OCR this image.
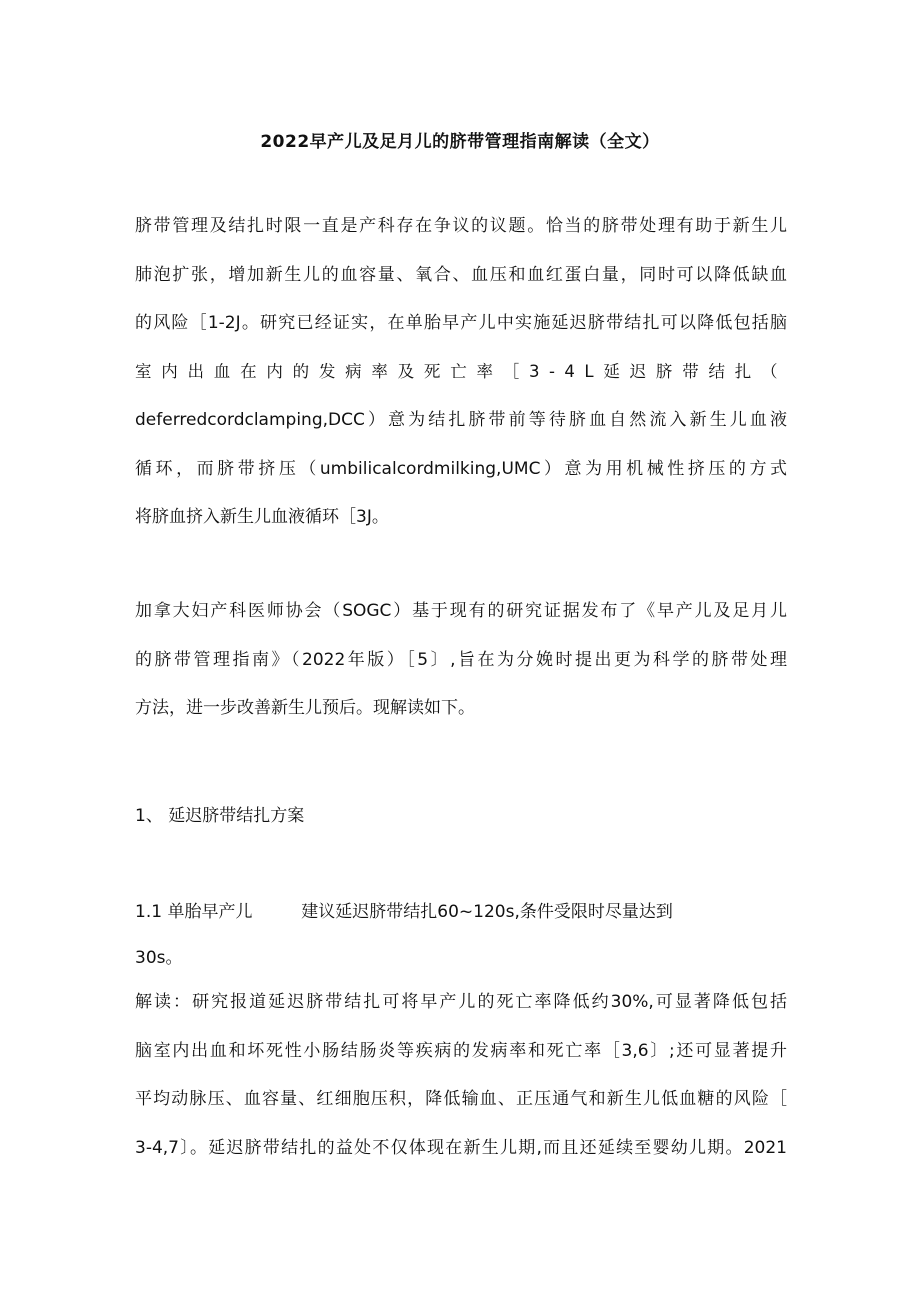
2022早产儿及足月儿的脐带管理指南解读（全文）
脐带管理及结扎时限一直是产科存在争议的议题。恰当的脐带处理有助于新生儿
肺泡扩张，增加新生儿的血容量、氧合、血压和血红蛋白量，同时可以降低缺血
的风险［1-2J。研究已经证实，在单胎早产儿中实施延迟脐带结扎可以降低包括脑
室内出血在内的发病率及死亡率［3-4L延迟脐带结扎（
deferredcordclamping,DCC）意为结扎脐带前等待脐血自然流入新生儿血液
循环，而脐带挤压（umbilicalcordmilking,UMC）意为用机械性挤压的方式
将脐血挤入新生儿血液循环［3J。
加拿大妇产科医师协会（SOGC）基于现有的研究证据发布了《早产儿及足月儿
的脐带管理指南》（2022年版）［5〕,旨在为分娩时提出更为科学的脐带处理
方法，进一步改善新生儿预后。现解读如下。
1、 延迟脐带结扎方案
1.1 单胎早产儿	建议延迟脐带结扎60~120s,条件受限时尽量达到
30s。
解读：研究报道延迟脐带结扎可将早产儿的死亡率降低约30%,可显著降低包括
脑室内出血和坏死性小肠结肠炎等疾病的发病率和死亡率［3,6〕;还可显著提升
平均动脉压、血容量、红细胞压积，降低输血、正压通气和新生儿低血糖的风险［
3-4,7〕。延迟脐带结扎的益处不仅体现在新生儿期,而且还延续至婴幼儿期。2021
